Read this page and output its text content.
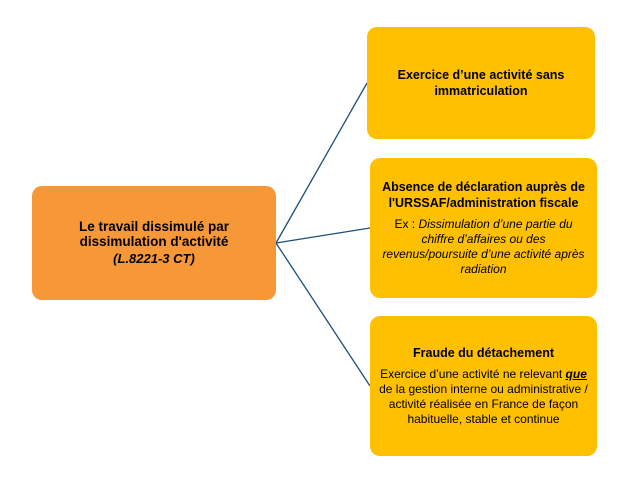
Le travail dissimulé par dissimulation d'activité
(L.8221-3 CT)
Exercice d’une activité sans immatriculation
Absence de déclaration auprès de l'URSSAF/administration fiscale
Ex : Dissimulation d’une partie du chiffre d’affaires ou des revenus/poursuite d’une activité après radiation
Fraude du détachement
Exercice d’une activité ne relevant que de la gestion interne ou administrative / activité réalisée en France de façon habituelle, stable et continue
